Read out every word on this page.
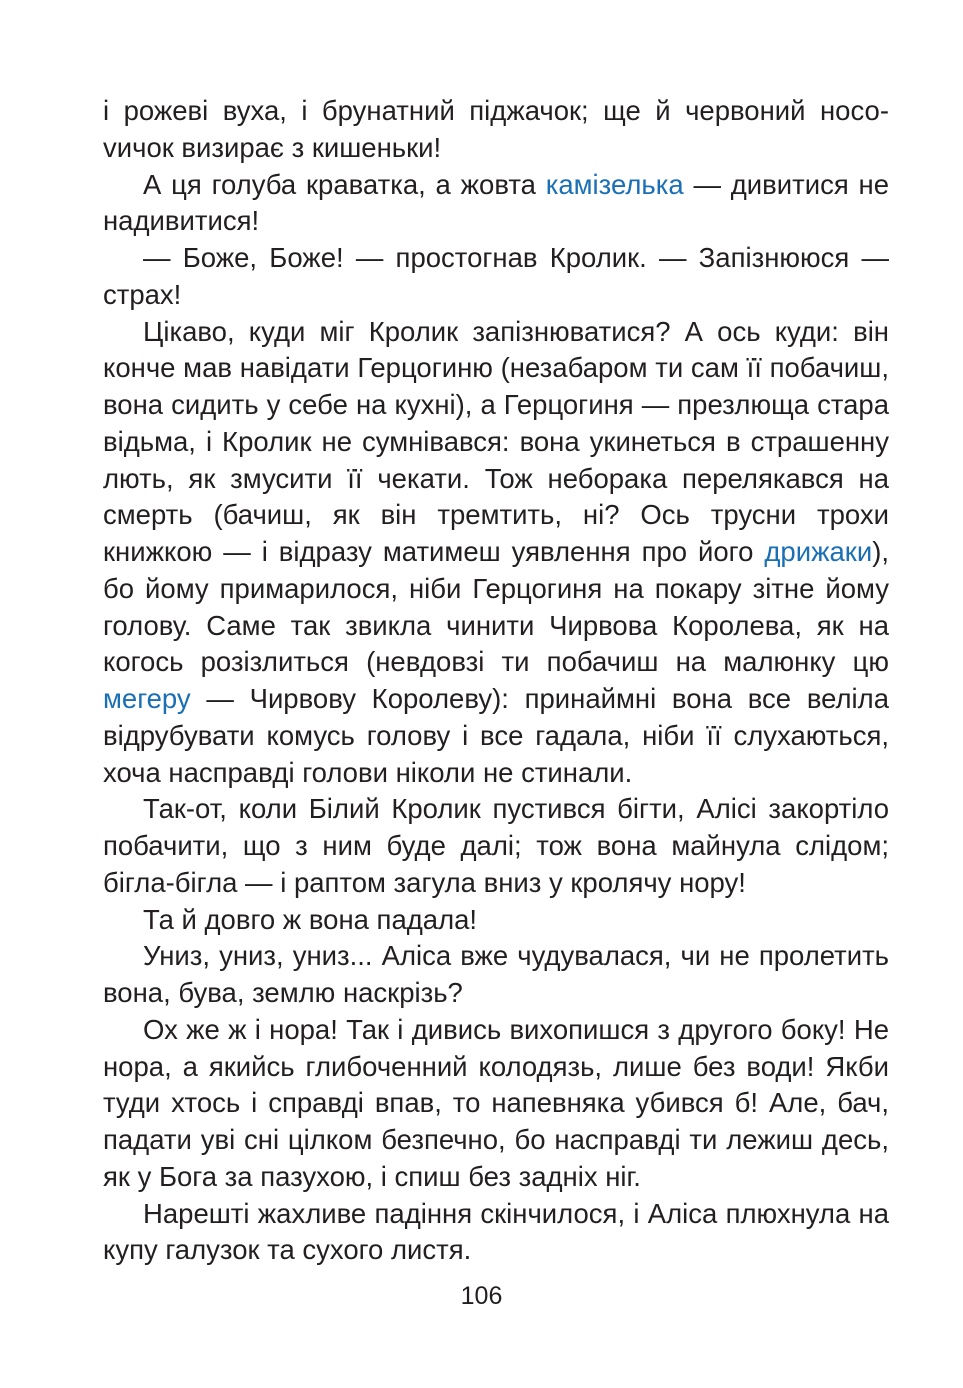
і рожеві вуха, і брунатний піджачок; ще й червоний носоvичок визирає з кишеньки!

А ця голуба краватка, а жовта камізелька — дивитися не надивитися!

— Боже, Боже! — простогнав Кролик. — Запізнююся — страх!

Цікаво, куди міг Кролик запізнюватися? А ось куди: він конче мав навідати Герцогиню (незабаром ти сам її побачиш, вона сидить у себе на кухні), а Герцогиня — презлюща стара відьма, і Кролик не сумнівався: вона укинеться в страшенну лють, як змусити її чекати. Тож неборака перелякався на смерть (бачиш, як він тремтить, ні? Ось трусни трохи книжкою — і відразу матимеш уявлення про його дрижаки), бо йому примарилося, ніби Герцогиня на покару зітне йому голову. Саме так звикла чинити Чирвова Королева, як на когось розізлиться (невдовзі ти побачиш на малюнку цю мегеру — Чирвову Королеву): принаймні вона все веліла відрубувати комусь голову і все гадала, ніби її слухаються, хоча насправді голови ніколи не стинали.

Так-от, коли Білий Кролик пустився бігти, Алісі закортіло побачити, що з ним буде далі; тож вона майнула слідом; бігла-бігла — і раптом загула вниз у кролячу нору!

Та й довго ж вона падала!

Униз, униз, униз... Аліса вже чудувалася, чи не пролетить вона, бува, землю наскрізь?

Ох же ж і нора! Так і дивись вихопишся з другого боку! Не нора, а якийсь глибоченний колодязь, лише без води! Якби туди хтось і справді впав, то напевняка убився б! Але, бач, падати уві сні цілком безпечно, бо насправді ти лежиш десь, як у Бога за пазухою, і спиш без задніх ніг.

Нарешті жахливе падіння скінчилося, і Аліса плюхнула на купу галузок та сухого листя.

106
